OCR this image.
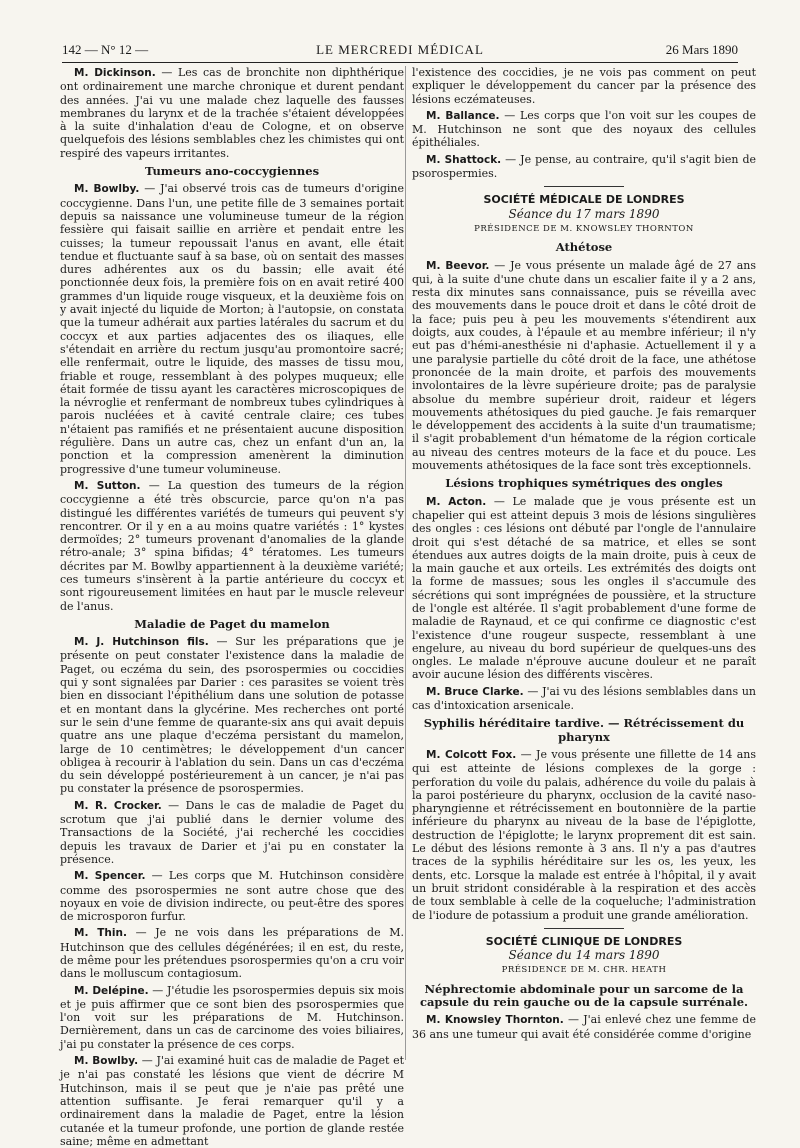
142 — N° 12 —	LE MERCREDI MÉDICAL	26 Mars 1890

M. Dickinson. — Les cas de bronchite non diphthérique ont ordinairement une marche chronique et durent pendant des années. J'ai vu une malade chez laquelle des fausses membranes du larynx et de la trachée s'étaient développées à la suite d'inhalation d'eau de Cologne, et on observe quelquefois des lésions semblables chez les chimistes qui ont respiré des vapeurs irritantes.

Tumeurs ano-coccygiennes

M. Bowlby. — J'ai observé trois cas de tumeurs d'origine coccygienne. Dans l'un, une petite fille de 3 semaines portait depuis sa naissance une volumineuse tumeur de la région fessière qui faisait saillie en arrière et pendait entre les cuisses; la tumeur repoussait l'anus en avant, elle était tendue et fluctuante sauf à sa base, où on sentait des masses dures adhérentes aux os du bassin; elle avait été ponctionnée deux fois, la première fois on en avait retiré 400 grammes d'un liquide rouge visqueux, et la deuxième fois on y avait injecté du liquide de Morton; à l'autopsie, on constata que la tumeur adhérait aux parties latérales du sacrum et du coccyx et aux parties adjacentes des os iliaques, elle s'étendait en arrière du rectum jusqu'au promontoire sacré; elle renfermait, outre le liquide, des masses de tissu mou, friable et rouge, ressemblant à des polypes muqueux; elle était formée de tissu ayant les caractères microscopiques de la névroglie et renfermant de nombreux tubes cylindriques à parois nucléées et à cavité centrale claire; ces tubes n'étaient pas ramifiés et ne présentaient aucune disposition régulière. Dans un autre cas, chez un enfant d'un an, la ponction et la compression amenèrent la diminution progressive d'une tumeur volumineuse.

M. Sutton. — La question des tumeurs de la région coccygienne a été très obscurcie, parce qu'on n'a pas distingué les différentes variétés de tumeurs qui peuvent s'y rencontrer. Or il y en a au moins quatre variétés : 1° kystes dermoïdes; 2° tumeurs provenant d'anomalies de la glande rétro-anale; 3° spina bifidas; 4° tératomes. Les tumeurs décrites par M. Bowlby appartiennent à la deuxième variété; ces tumeurs s'insèrent à la partie antérieure du coccyx et sont rigoureusement limitées en haut par le muscle releveur de l'anus.

Maladie de Paget du mamelon

M. J. Hutchinson fils. — Sur les préparations que je présente on peut constater l'existence dans la maladie de Paget, ou eczéma du sein, des psorospermies ou coccidies qui y sont signalées par Darier : ces parasites se voient très bien en dissociant l'épithélium dans une solution de potasse et en montant dans la glycérine. Mes recherches ont porté sur le sein d'une femme de quarante-six ans qui avait depuis quatre ans une plaque d'eczéma persistant du mamelon, large de 10 centimètres; le développement d'un cancer obligea à recourir à l'ablation du sein. Dans un cas d'eczéma du sein développé postérieurement à un cancer, je n'ai pas pu constater la présence de psorospermies.

M. R. Crocker. — Dans le cas de maladie de Paget du scrotum que j'ai publié dans le dernier volume des Transactions de la Société, j'ai recherché les coccidies depuis les travaux de Darier et j'ai pu en constater la présence.

M. Spencer. — Les corps que M. Hutchinson considère comme des psorospermies ne sont autre chose que des noyaux en voie de division indirecte, ou peut-être des spores de microsporon furfur.

M. Thin. — Je ne vois dans les préparations de M. Hutchinson que des cellules dégénérées; il en est, du reste, de même pour les prétendues psorospermies qu'on a cru voir dans le molluscum contagiosum.

M. Delépine. — J'étudie les psorospermies depuis six mois et je puis affirmer que ce sont bien des psorospermies que l'on voit sur les préparations de M. Hutchinson. Dernièrement, dans un cas de carcinome des voies biliaires, j'ai pu constater la présence de ces corps.

M. Bowlby. — J'ai examiné huit cas de maladie de Paget et je n'ai pas constaté les lésions que vient de décrire M Hutchinson, mais il se peut que je n'aie pas prêté une attention suffisante. Je ferai remarquer qu'il y a ordinairement dans la maladie de Paget, entre la lésion cutanée et la tumeur profonde, une portion de glande restée saine; même en admettant

l'existence des coccidies, je ne vois pas comment on peut expliquer le développement du cancer par la présence des lésions eczémateuses.

M. Ballance. — Les corps que l'on voit sur les coupes de M. Hutchinson ne sont que des noyaux des cellules épithéliales.

M. Shattock. — Je pense, au contraire, qu'il s'agit bien de psorospermies.

SOCIÉTÉ MÉDICALE DE LONDRES
Séance du 17 mars 1890
PRÉSIDENCE DE M. KNOWSLEY THORNTON
Athétose

M. Beevor. — Je vous présente un malade âgé de 27 ans qui, à la suite d'une chute dans un escalier faite il y a 2 ans, resta dix minutes sans connaissance, puis se réveilla avec des mouvements dans le pouce droit et dans le côté droit de la face; puis peu à peu les mouvements s'étendirent aux doigts, aux coudes, à l'épaule et au membre inférieur; il n'y eut pas d'hémi-anesthésie ni d'aphasie. Actuellement il y a une paralysie partielle du côté droit de la face, une athétose prononcée de la main droite, et parfois des mouvements involontaires de la lèvre supérieure droite; pas de paralysie absolue du membre supérieur droit, raideur et légers mouvements athétosiques du pied gauche. Je fais remarquer le développement des accidents à la suite d'un traumatisme; il s'agit probablement d'un hématome de la région corticale au niveau des centres moteurs de la face et du pouce. Les mouvements athétosiques de la face sont très exceptionnels.

Lésions trophiques symétriques des ongles

M. Acton. — Le malade que je vous présente est un chapelier qui est atteint depuis 3 mois de lésions singulières des ongles : ces lésions ont débuté par l'ongle de l'annulaire droit qui s'est détaché de sa matrice, et elles se sont étendues aux autres doigts de la main droite, puis à ceux de la main gauche et aux orteils. Les extrémités des doigts ont la forme de massues; sous les ongles il s'accumule des sécrétions qui sont imprégnées de poussière, et la structure de l'ongle est altérée. Il s'agit probablement d'une forme de maladie de Raynaud, et ce qui confirme ce diagnostic c'est l'existence d'une rougeur suspecte, ressemblant à une engelure, au niveau du bord supérieur de quelques-uns des ongles. Le malade n'éprouve aucune douleur et ne paraît avoir aucune lésion des différents viscères.

M. Bruce Clarke. — J'ai vu des lésions semblables dans un cas d'intoxication arsenicale.

Syphilis héréditaire tardive. — Rétrécissement du pharynx

M. Colcott Fox. — Je vous présente une fillette de 14 ans qui est atteinte de lésions complexes de la gorge : perforation du voile du palais, adhérence du voile du palais à la paroi postérieure du pharynx, occlusion de la cavité naso-pharyngienne et rétrécissement en boutonnière de la partie inférieure du pharynx au niveau de la base de l'épiglotte, destruction de l'épiglotte; le larynx proprement dit est sain. Le début des lésions remonte à 3 ans. Il n'y a pas d'autres traces de la syphilis héréditaire sur les os, les yeux, les dents, etc. Lorsque la malade est entrée à l'hôpital, il y avait un bruit stridont considérable à la respiration et des accès de toux semblable à celle de la coqueluche; l'administration de l'iodure de potassium a produit une grande amélioration.

SOCIÉTÉ CLINIQUE DE LONDRES
Séance du 14 mars 1890
PRÉSIDENCE DE M. CHR. HEATH
Néphrectomie abdominale pour un sarcome de la capsule du rein gauche ou de la capsule surrénale.

M. Knowsley Thornton. — J'ai enlevé chez une femme de 36 ans une tumeur qui avait été considérée comme d'origine
